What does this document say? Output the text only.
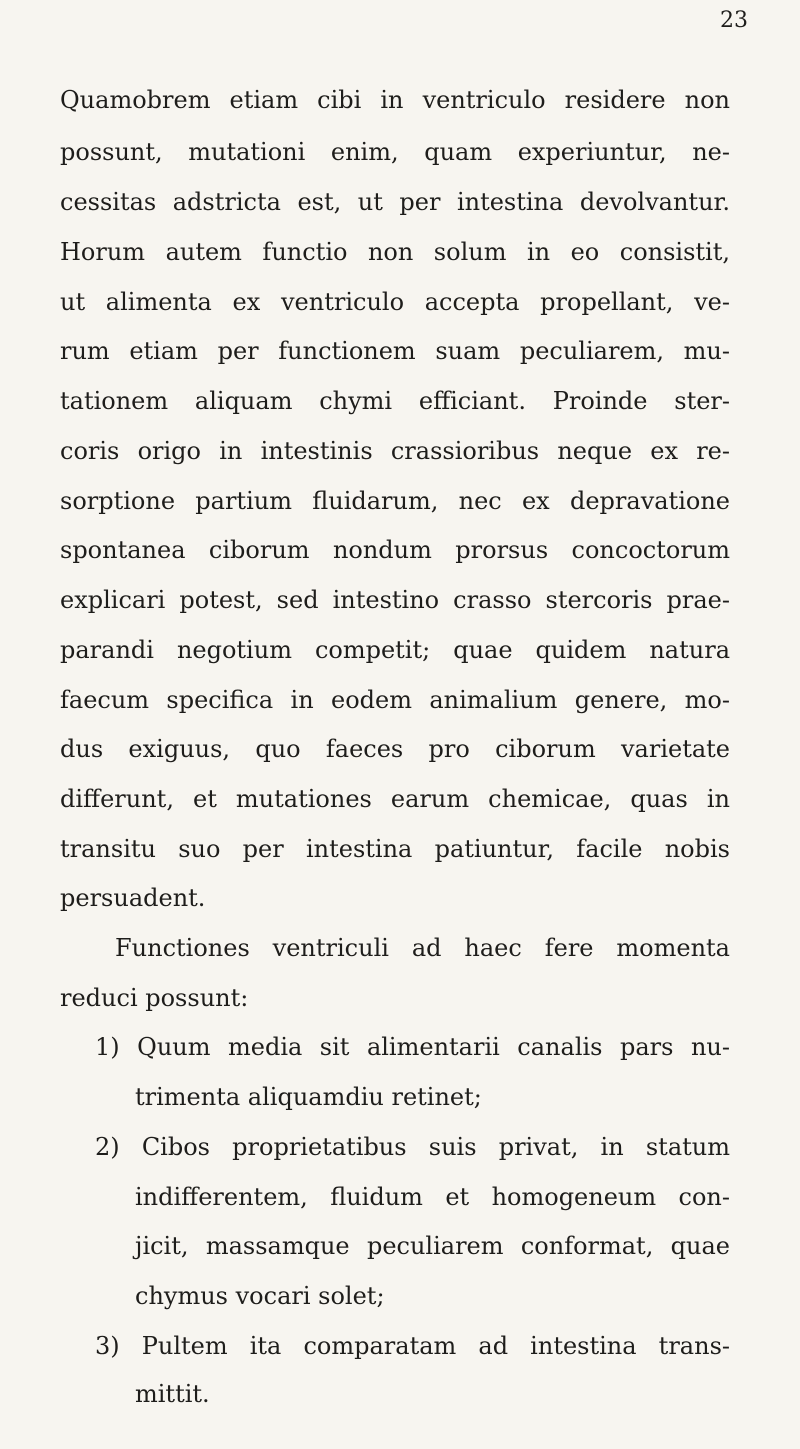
23
Quamobrem etiam cibi in ventriculo residere non
possunt, mutationi enim, quam experiuntur, ne-
cessitas adstricta est, ut per intestina devolvantur.
Horum autem functio non solum in eo consistit,
ut alimenta ex ventriculo accepta propellant, ve-
rum etiam per functionem suam peculiarem, mu-
tationem aliquam chymi efficiant. Proinde ster-
coris origo in intestinis crassioribus neque ex re-
sorptione partium fluidarum, nec ex depravatione
spontanea ciborum nondum prorsus concoctorum
explicari potest, sed intestino crasso stercoris prae-
parandi negotium competit; quae quidem natura
faecum specifica in eodem animalium genere, mo-
dus exiguus, quo faeces pro ciborum varietate
differunt, et mutationes earum chemicae, quas in
transitu suo per intestina patiuntur, facile nobis
persuadent.
Functiones ventriculi ad haec fere momenta
reduci possunt:
1) Quum media sit alimentarii canalis pars nu-
trimenta aliquamdiu retinet;
2) Cibos proprietatibus suis privat, in statum
indifferentem, fluidum et homogeneum con-
jicit, massamque peculiarem conformat, quae
chymus vocari solet;
3) Pultem ita comparatam ad intestina trans-
mittit.
